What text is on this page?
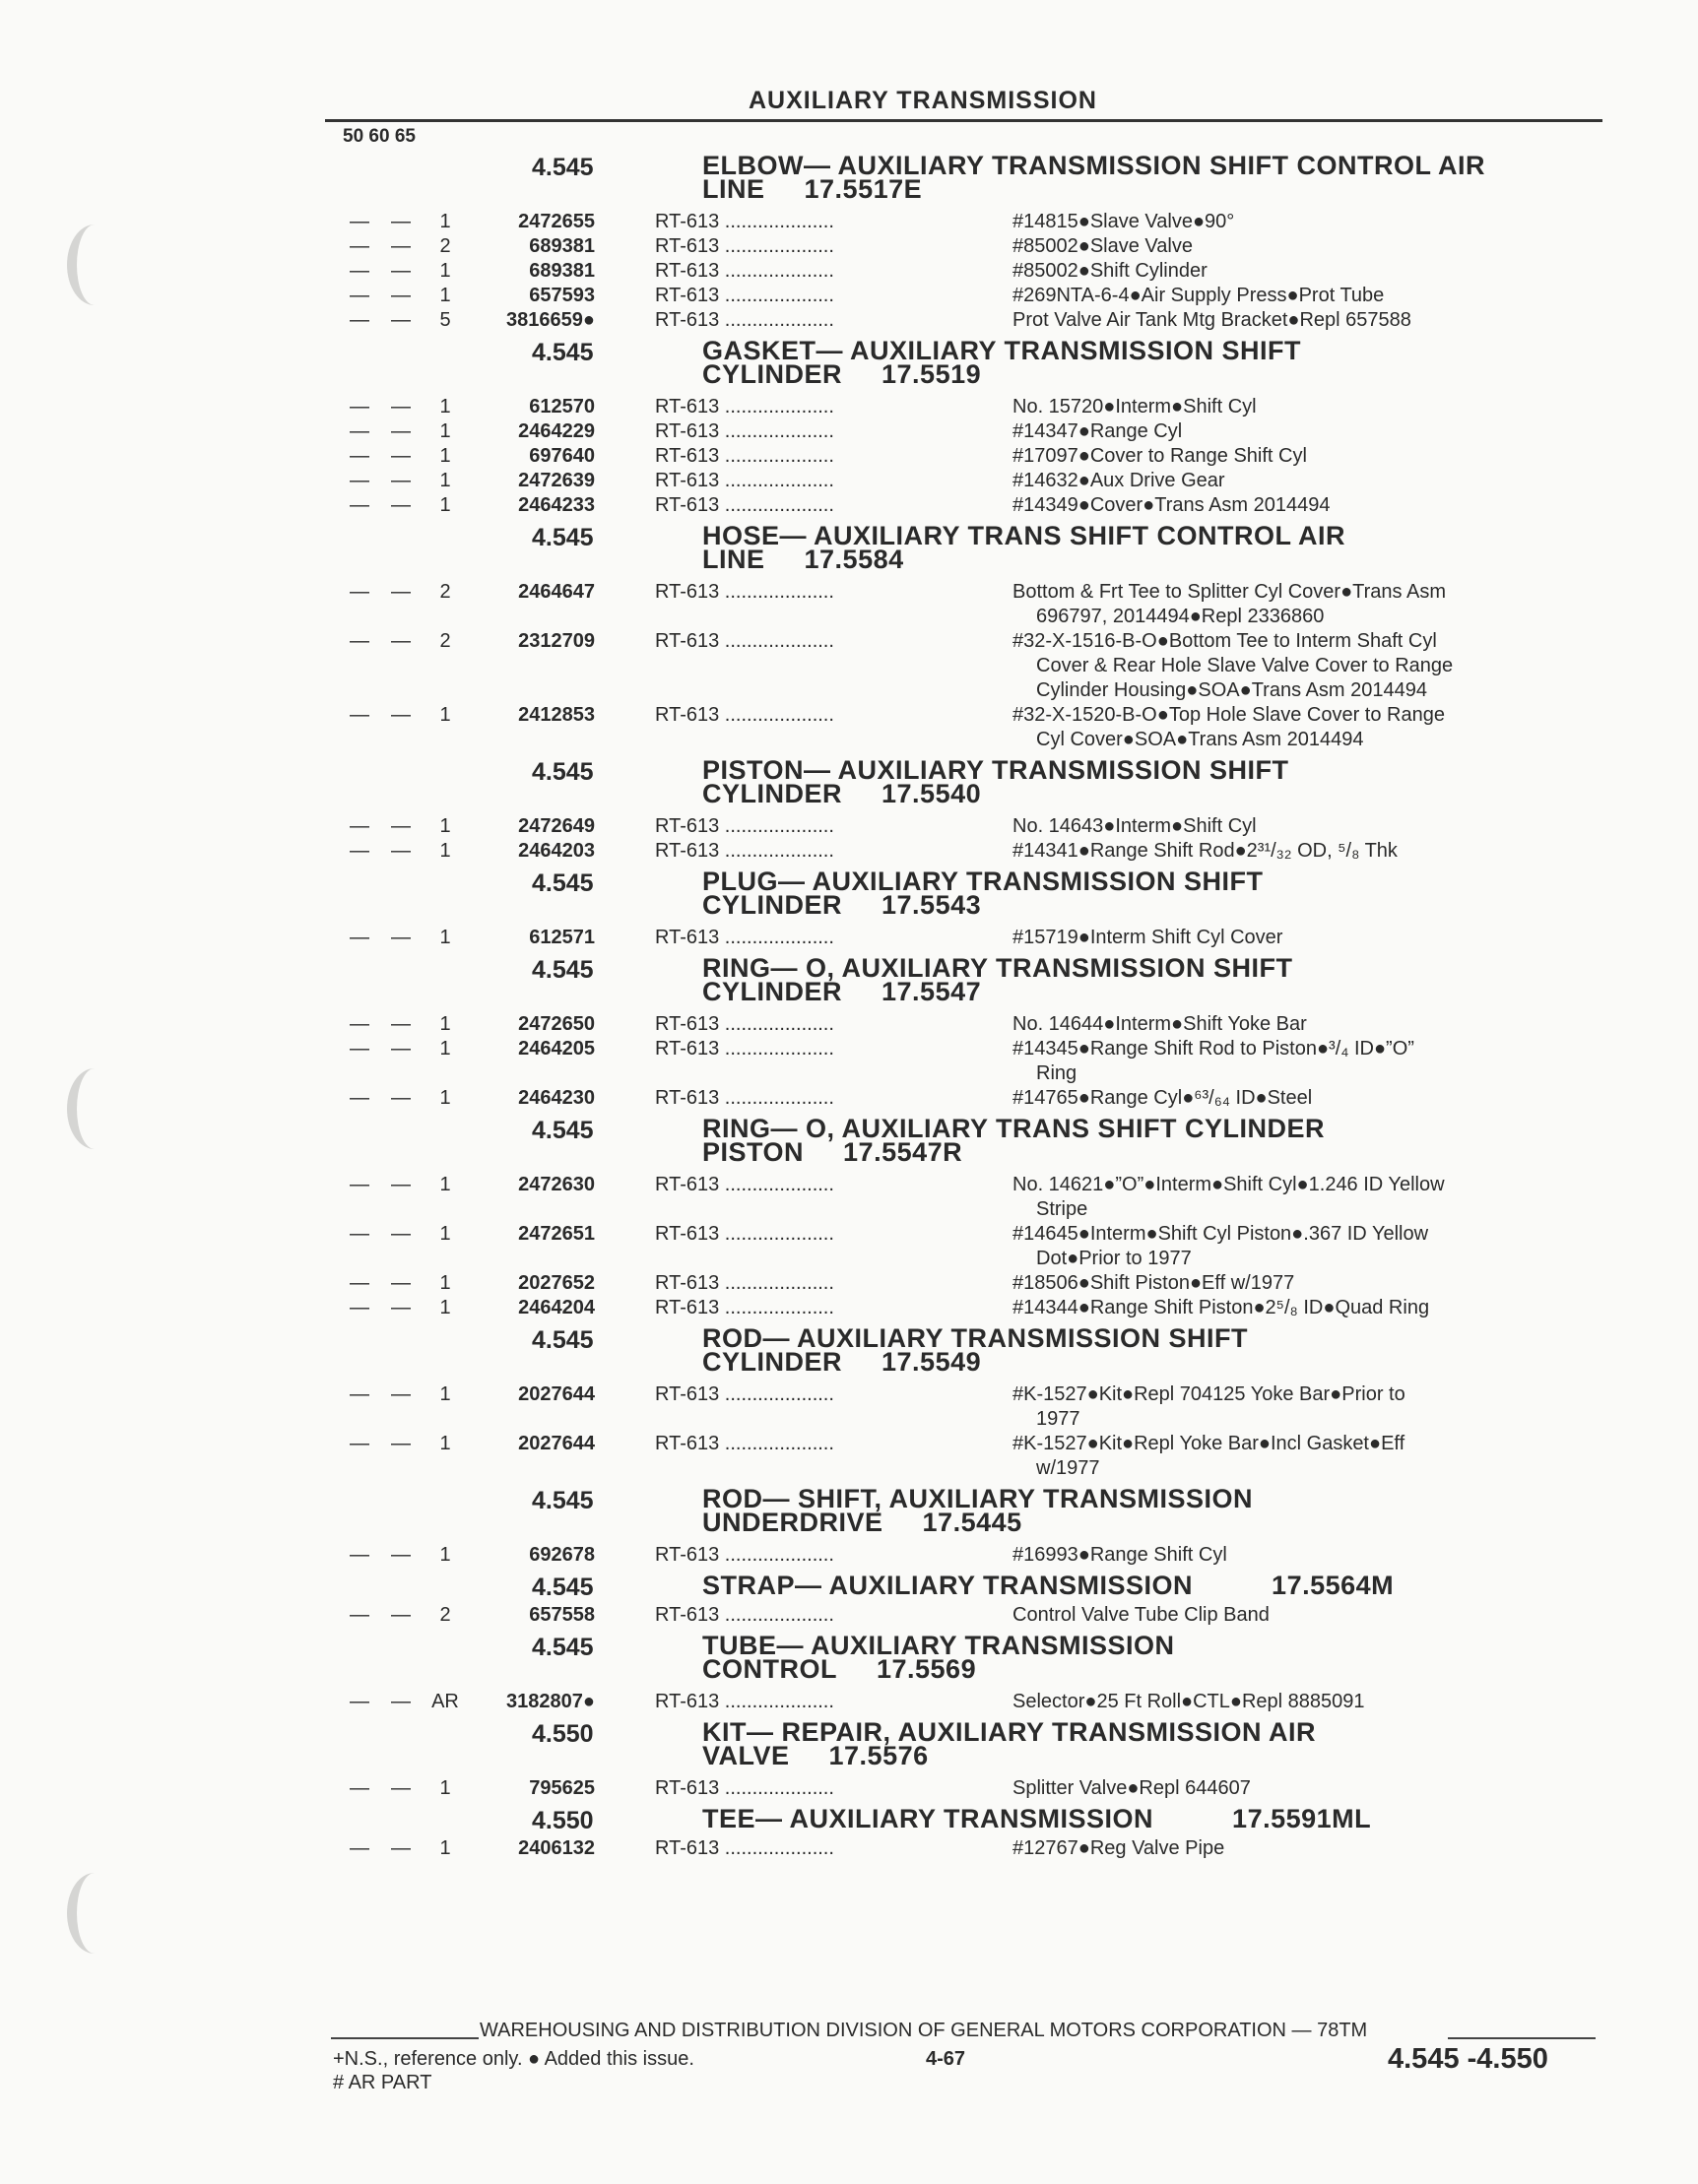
AUXILIARY TRANSMISSION
50 60 65
4.545	ELBOW— AUXILIARY TRANSMISSION SHIFT CONTROL AIR
LINE 17.5517E
— —	1	2472655	RT-613 ....................	#14815●Slave Valve●90°
— —	2	689381	RT-613 ....................	#85002●Slave Valve
— —	1	689381	RT-613 ....................	#85002●Shift Cylinder
— —	1	657593	RT-613 ....................	#269NTA-6-4●Air Supply Press●Prot Tube
— —	5	3816659●	RT-613 ....................	Prot Valve Air Tank Mtg Bracket●Repl 657588
4.545	GASKET— AUXILIARY TRANSMISSION SHIFT
CYLINDER 17.5519
— —	1	612570	RT-613 ....................	No. 15720●Interm●Shift Cyl
— —	1	2464229	RT-613 ....................	#14347●Range Cyl
— —	1	697640	RT-613 ....................	#17097●Cover to Range Shift Cyl
— —	1	2472639	RT-613 ....................	#14632●Aux Drive Gear
— —	1	2464233	RT-613 ....................	#14349●Cover●Trans Asm 2014494
4.545	HOSE— AUXILIARY TRANS SHIFT CONTROL AIR
LINE 17.5584
— —	2	2464647	RT-613 ....................	Bottom & Frt Tee to Splitter Cyl Cover●Trans Asm
696797, 2014494●Repl 2336860
— —	2	2312709	RT-613 ....................	#32-X-1516-B-O●Bottom Tee to Interm Shaft Cyl
Cover & Rear Hole Slave Valve Cover to Range
Cylinder Housing●SOA●Trans Asm 2014494
— —	1	2412853	RT-613 ....................	#32-X-1520-B-O●Top Hole Slave Cover to Range
Cyl Cover●SOA●Trans Asm 2014494
4.545	PISTON— AUXILIARY TRANSMISSION SHIFT
CYLINDER 17.5540
— —	1	2472649	RT-613 ....................	No. 14643●Interm●Shift Cyl
— —	1	2464203	RT-613 ....................	#14341●Range Shift Rod●2³¹/₃₂ OD, ⁵/₈ Thk
4.545	PLUG— AUXILIARY TRANSMISSION SHIFT
CYLINDER 17.5543
— —	1	612571	RT-613 ....................	#15719●Interm Shift Cyl Cover
4.545	RING— O, AUXILIARY TRANSMISSION SHIFT
CYLINDER 17.5547
— —	1	2472650	RT-613 ....................	No. 14644●Interm●Shift Yoke Bar
— —	1	2464205	RT-613 ....................	#14345●Range Shift Rod to Piston●³/₄ ID●”O”
Ring
— —	1	2464230	RT-613 ....................	#14765●Range Cyl●⁶³/₆₄ ID●Steel
4.545	RING— O, AUXILIARY TRANS SHIFT CYLINDER
PISTON 17.5547R
— —	1	2472630	RT-613 ....................	No. 14621●”O”●Interm●Shift Cyl●1.246 ID Yellow
Stripe
— —	1	2472651	RT-613 ....................	#14645●Interm●Shift Cyl Piston●.367 ID Yellow
Dot●Prior to 1977
— —	1	2027652	RT-613 ....................	#18506●Shift Piston●Eff w/1977
— —	1	2464204	RT-613 ....................	#14344●Range Shift Piston●2⁵/₈ ID●Quad Ring
4.545	ROD— AUXILIARY TRANSMISSION SHIFT
CYLINDER 17.5549
— —	1	2027644	RT-613 ....................	#K-1527●Kit●Repl 704125 Yoke Bar●Prior to
1977
— —	1	2027644	RT-613 ....................	#K-1527●Kit●Repl Yoke Bar●Incl Gasket●Eff
w/1977
4.545	ROD— SHIFT, AUXILIARY TRANSMISSION
UNDERDRIVE 17.5445
— —	1	692678	RT-613 ....................	#16993●Range Shift Cyl
4.545	STRAP— AUXILIARY TRANSMISSION	17.5564M
— —	2	657558	RT-613 ....................	Control Valve Tube Clip Band
4.545	TUBE— AUXILIARY TRANSMISSION
CONTROL 17.5569
— — AR	3182807●	RT-613 ....................	Selector●25 Ft Roll●CTL●Repl 8885091
4.550	KIT— REPAIR, AUXILIARY TRANSMISSION AIR
VALVE 17.5576
— —	1	795625	RT-613 ....................	Splitter Valve●Repl 644607
4.550	TEE— AUXILIARY TRANSMISSION	17.5591ML
— —	1	2406132	RT-613 ....................	#12767●Reg Valve Pipe
WAREHOUSING AND DISTRIBUTION DIVISION OF GENERAL MOTORS CORPORATION — 78TM
+N.S., reference only. ● Added this issue.
# AR PART
4-67	4.545 -4.550
